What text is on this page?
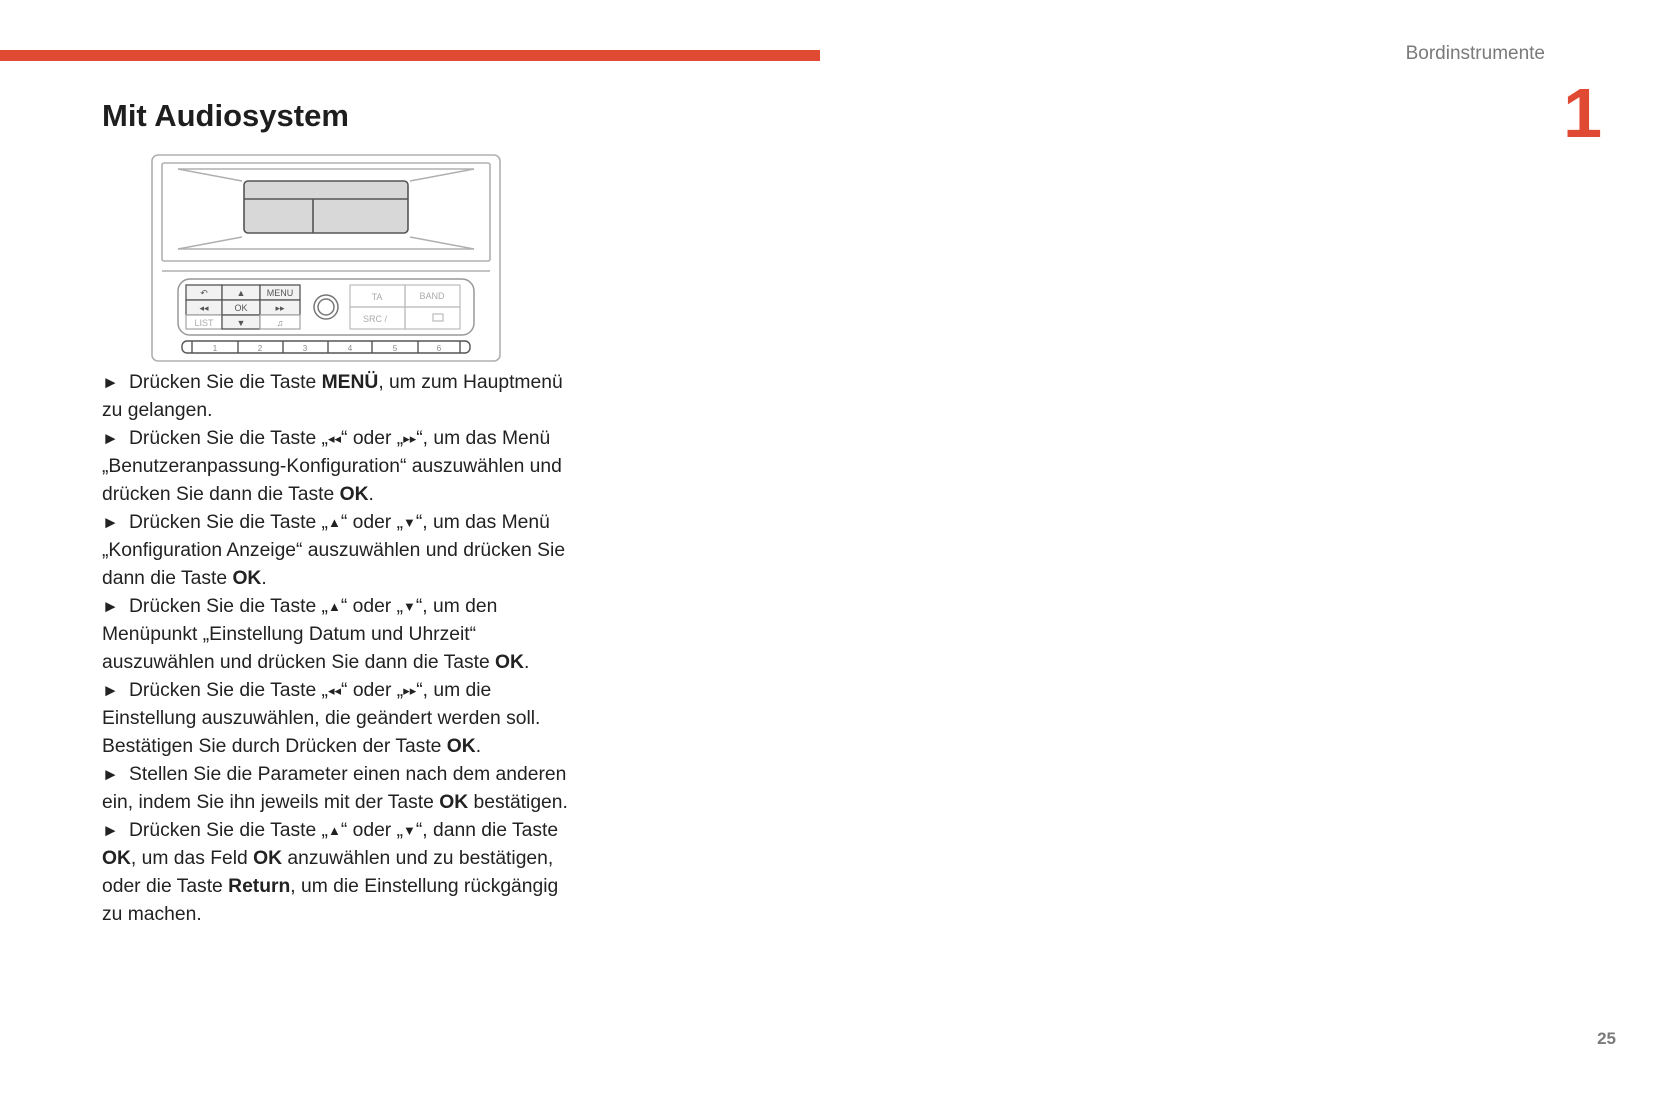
Bordinstrumente
1
Mit Audiosystem
↶	▲ MENU
◂◂	OK	▸▸
LIST	▼	♫
TA	BAND
SRC /
1	2	3	4	5	6

► Drücken Sie die Taste MENÜ, um zum Hauptmenü zu gelangen.

► Drücken Sie die Taste „◂◂“ oder „▸▸“, um das Menü „Benutzeranpassung-Konfiguration“ auszuwählen und drücken Sie dann die Taste OK.

► Drücken Sie die Taste „▲“ oder „▼“, um das Menü „Konfiguration Anzeige“ auszuwählen und drücken Sie dann die Taste OK.

► Drücken Sie die Taste „▲“ oder „▼“, um den Menüpunkt „Einstellung Datum und Uhrzeit“ auszuwählen und drücken Sie dann die Taste OK.

► Drücken Sie die Taste „◂◂“ oder „▸▸“, um die Einstellung auszuwählen, die geändert werden soll. Bestätigen Sie durch Drücken der Taste OK.

► Stellen Sie die Parameter einen nach dem anderen ein, indem Sie ihn jeweils mit der Taste OK bestätigen.

► Drücken Sie die Taste „▲“ oder „▼“, dann die Taste OK, um das Feld OK anzuwählen und zu bestätigen, oder die Taste Return, um die Einstellung rückgängig zu machen.

25
